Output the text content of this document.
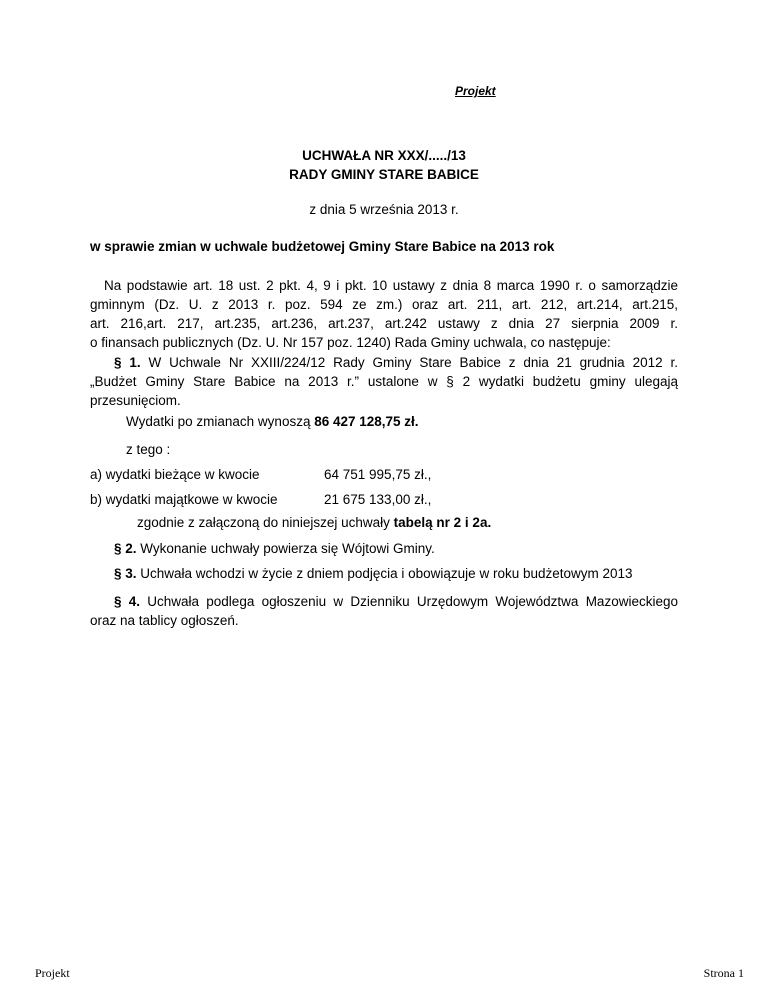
Projekt
UCHWAŁA NR XXX/...../13
RADY GMINY STARE BABICE
z dnia 5 września 2013 r.
w sprawie zmian w uchwale budżetowej Gminy Stare Babice na 2013 rok
Na podstawie art. 18 ust. 2 pkt. 4, 9 i pkt. 10 ustawy z dnia 8 marca 1990 r. o samorządzie
gminnym (Dz. U. z 2013 r. poz. 594 ze zm.) oraz art. 211, art. 212, art.214, art.215,
art. 216,art. 217, art.235, art.236, art.237, art.242 ustawy z dnia 27 sierpnia 2009 r.
o finansach publicznych (Dz. U. Nr 157 poz. 1240) Rada Gminy uchwala, co następuje:
§ 1. W Uchwale Nr XXIII/224/12 Rady Gminy Stare Babice z dnia 21 grudnia 2012 r.
„Budżet Gminy Stare Babice na 2013 r.” ustalone w § 2 wydatki budżetu gminy ulegają
przesunięciom.
Wydatki po zmianach wynoszą 86 427 128,75 zł.
z tego :
a) wydatki bieżące w kwocie	64 751 995,75 zł.,
b) wydatki majątkowe w kwocie	21 675 133,00 zł.,
zgodnie z załączoną do niniejszej uchwały tabelą nr 2 i 2a.
§ 2. Wykonanie uchwały powierza się Wójtowi Gminy.
§ 3. Uchwała wchodzi w życie z dniem podjęcia i obowiązuje w roku budżetowym 2013
§ 4. Uchwała podlega ogłoszeniu w Dzienniku Urzędowym Województwa Mazowieckiego
oraz na tablicy ogłoszeń.
Projekt	Strona 1
